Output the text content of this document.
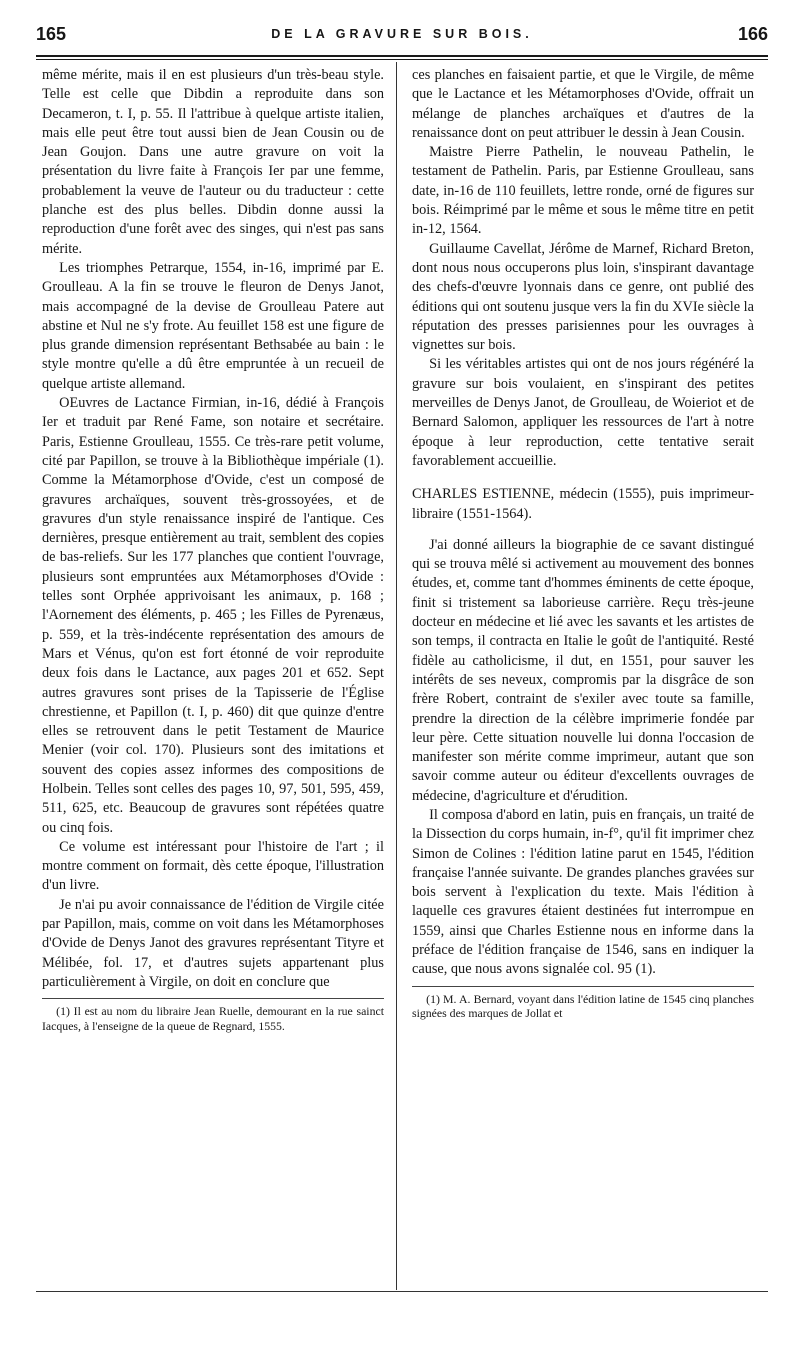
165	DE LA GRAVURE SUR BOIS.	166

même mérite, mais il en est plusieurs d'un très-beau style. Telle est celle que Dibdin a reproduite dans son Decameron, t. I, p. 55. Il l'attribue à quelque artiste italien, mais elle peut être tout aussi bien de Jean Cousin ou de Jean Goujon. Dans une autre gravure on voit la présentation du livre faite à François Ier par une femme, probablement la veuve de l'auteur ou du traducteur : cette planche est des plus belles. Dibdin donne aussi la reproduction d'une forêt avec des singes, qui n'est pas sans mérite.

Les triomphes Petrarque, 1554, in-16, imprimé par E. Groulleau. A la fin se trouve le fleuron de Denys Janot, mais accompagné de la devise de Groulleau Patere aut abstine et Nul ne s'y frote. Au feuillet 158 est une figure de plus grande dimension représentant Bethsabée au bain : le style montre qu'elle a dû être empruntée à un recueil de quelque artiste allemand.

OEuvres de Lactance Firmian, in-16, dédié à François Ier et traduit par René Fame, son notaire et secrétaire. Paris, Estienne Groulleau, 1555. Ce très-rare petit volume, cité par Papillon, se trouve à la Bibliothèque impériale (1). Comme la Métamorphose d'Ovide, c'est un composé de gravures archaïques, souvent très-grossoyées, et de gravures d'un style renaissance inspiré de l'antique. Ces dernières, presque entièrement au trait, semblent des copies de bas-reliefs. Sur les 177 planches que contient l'ouvrage, plusieurs sont empruntées aux Métamorphoses d'Ovide : telles sont Orphée apprivoisant les animaux, p. 168 ; l'Aornement des éléments, p. 465 ; les Filles de Pyrenæus, p. 559, et la très-indécente représentation des amours de Mars et Vénus, qu'on est fort étonné de voir reproduite deux fois dans le Lactance, aux pages 201 et 652. Sept autres gravures sont prises de la Tapisserie de l'Église chrestienne, et Papillon (t. I, p. 460) dit que quinze d'entre elles se retrouvent dans le petit Testament de Maurice Menier (voir col. 170). Plusieurs sont des imitations et souvent des copies assez informes des compositions de Holbein. Telles sont celles des pages 10, 97, 501, 595, 459, 511, 625, etc. Beaucoup de gravures sont répétées quatre ou cinq fois.

Ce volume est intéressant pour l'histoire de l'art ; il montre comment on formait, dès cette époque, l'illustration d'un livre.

Je n'ai pu avoir connaissance de l'édition de Virgile citée par Papillon, mais, comme on voit dans les Métamorphoses d'Ovide de Denys Janot des gravures représentant Tityre et Mélibée, fol. 17, et d'autres sujets appartenant plus particulièrement à Virgile, on doit en conclure que

(1) Il est au nom du libraire Jean Ruelle, demourant en la rue sainct Iacques, à l'enseigne de la queue de Regnard, 1555.

ces planches en faisaient partie, et que le Virgile, de même que le Lactance et les Métamorphoses d'Ovide, offrait un mélange de planches archaïques et d'autres de la renaissance dont on peut attribuer le dessin à Jean Cousin.

Maistre Pierre Pathelin, le nouveau Pathelin, le testament de Pathelin. Paris, par Estienne Groulleau, sans date, in-16 de 110 feuillets, lettre ronde, orné de figures sur bois. Réimprimé par le même et sous le même titre en petit in-12, 1564.

Guillaume Cavellat, Jérôme de Marnef, Richard Breton, dont nous nous occuperons plus loin, s'inspirant davantage des chefs-d'œuvre lyonnais dans ce genre, ont publié des éditions qui ont soutenu jusque vers la fin du XVIe siècle la réputation des presses parisiennes pour les ouvrages à vignettes sur bois.

Si les véritables artistes qui ont de nos jours régénéré la gravure sur bois voulaient, en s'inspirant des petites merveilles de Denys Janot, de Groulleau, de Woieriot et de Bernard Salomon, appliquer les ressources de l'art à notre époque à leur reproduction, cette tentative serait favorablement accueillie.

CHARLES ESTIENNE, médecin (1555), puis imprimeur-libraire (1551-1564).

J'ai donné ailleurs la biographie de ce savant distingué qui se trouva mêlé si activement au mouvement des bonnes études, et, comme tant d'hommes éminents de cette époque, finit si tristement sa laborieuse carrière. Reçu très-jeune docteur en médecine et lié avec les savants et les artistes de son temps, il contracta en Italie le goût de l'antiquité. Resté fidèle au catholicisme, il dut, en 1551, pour sauver les intérêts de ses neveux, compromis par la disgrâce de son frère Robert, contraint de s'exiler avec toute sa famille, prendre la direction de la célèbre imprimerie fondée par leur père. Cette situation nouvelle lui donna l'occasion de manifester son mérite comme imprimeur, autant que son savoir comme auteur ou éditeur d'excellents ouvrages de médecine, d'agriculture et d'érudition.

Il composa d'abord en latin, puis en français, un traité de la Dissection du corps humain, in-f°, qu'il fit imprimer chez Simon de Colines : l'édition latine parut en 1545, l'édition française l'année suivante. De grandes planches gravées sur bois servent à l'explication du texte. Mais l'édition à laquelle ces gravures étaient destinées fut interrompue en 1559, ainsi que Charles Estienne nous en informe dans la préface de l'édition française de 1546, sans en indiquer la cause, que nous avons signalée col. 95 (1).

(1) M. A. Bernard, voyant dans l'édition latine de 1545 cinq planches signées des marques de Jollat et
